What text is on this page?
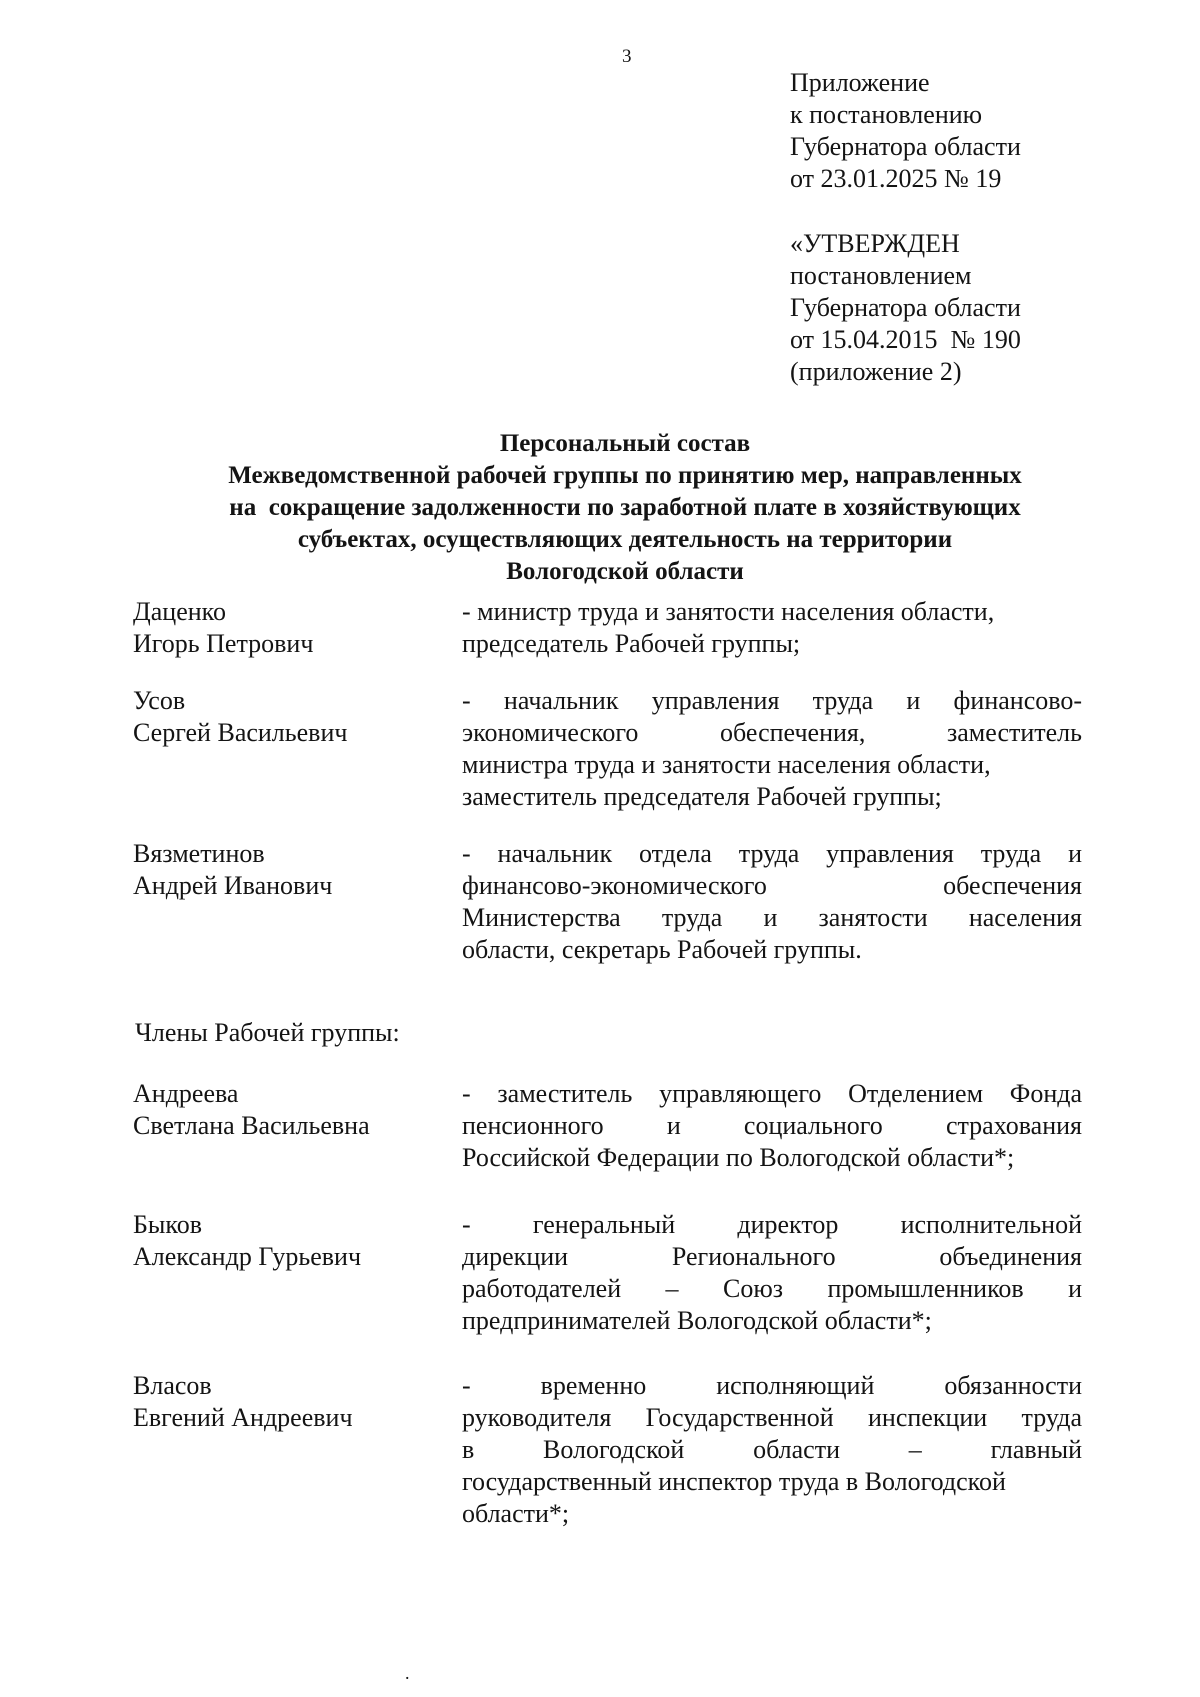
3
Приложение
к постановлению
Губернатора области
от 23.01.2025 № 19
«УТВЕРЖДЕН
постановлением
Губернатора области
от 15.04.2015  № 190
(приложение 2)
Персональный состав
Межведомственной рабочей группы по принятию мер, направленных
на  сокращение задолженности по заработной плате в хозяйствующих
субъектах, осуществляющих деятельность на территории
Вологодской области
Даценко
Игорь Петрович
- министр труда и занятости населения области,
председатель Рабочей группы;
Усов
Сергей Васильевич
- начальник управления труда и финансово-
экономического обеспечения, заместитель
министра труда и занятости населения области,
заместитель председателя Рабочей группы;
Вязметинов
Андрей Иванович
- начальник отдела труда управления труда и
финансово-экономического обеспечения
Министерства труда и занятости населения
области, секретарь Рабочей группы.
Члены Рабочей группы:
Андреева
Светлана Васильевна
- заместитель управляющего Отделением Фонда
пенсионного и социального страхования
Российской Федерации по Вологодской области*;
Быков
Александр Гурьевич
- генеральный директор исполнительной
дирекции Регионального объединения
работодателей – Союз промышленников и
предпринимателей Вологодской области*;
Власов
Евгений Андреевич
- временно исполняющий обязанности
руководителя Государственной инспекции труда
в Вологодской области – главный
государственный инспектор труда в Вологодской
области*;
.
